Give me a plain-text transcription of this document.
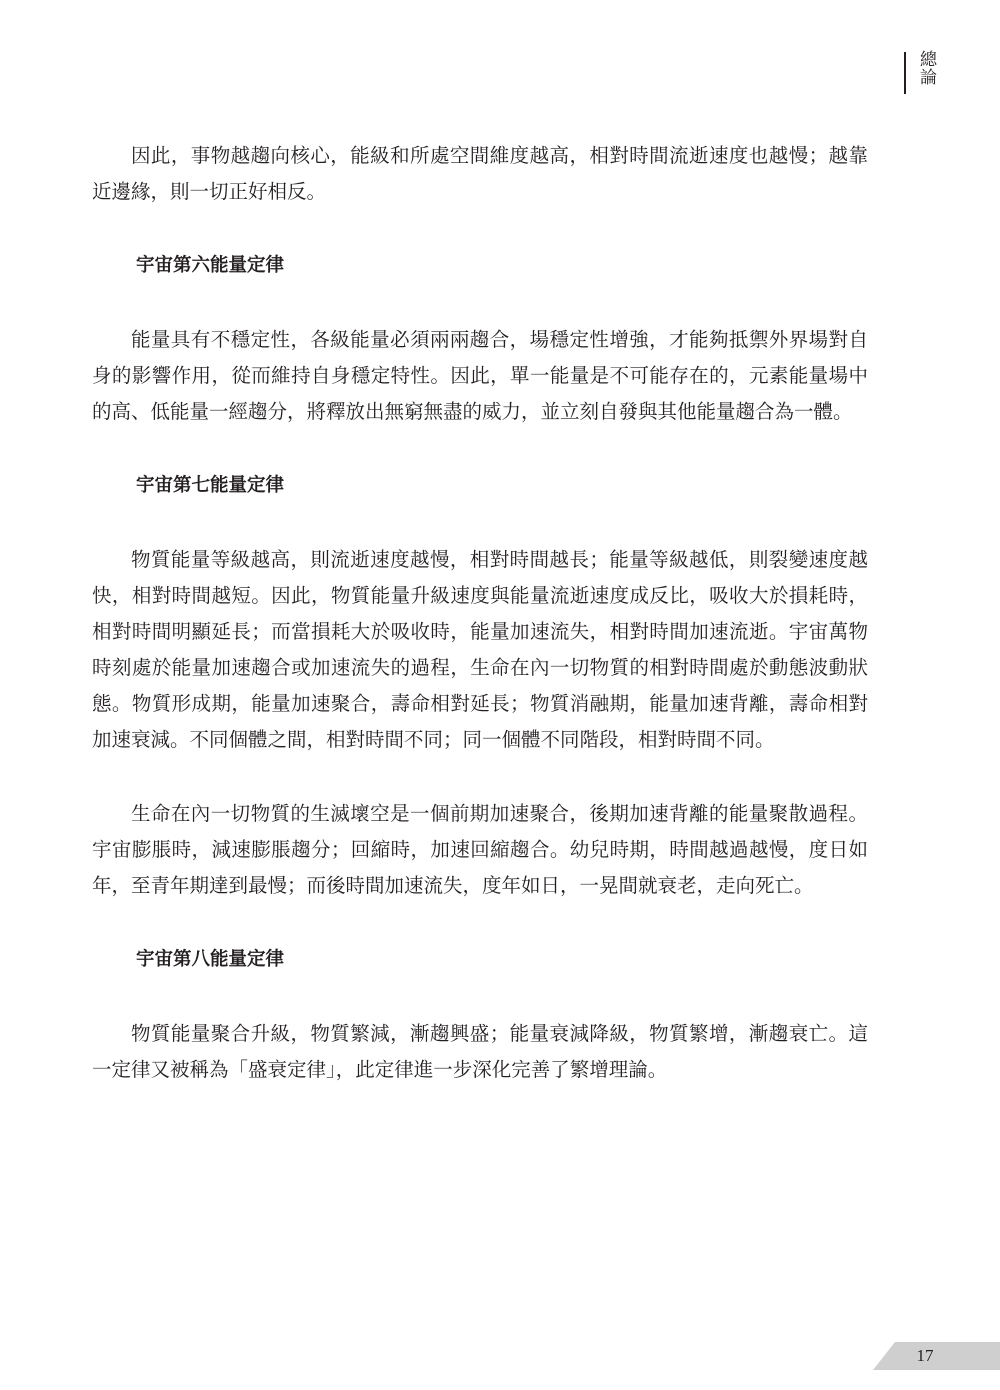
總論

因此，事物越趨向核心，能級和所處空間維度越高，相對時間流逝速度也越慢；越靠近邊緣，則一切正好相反。

宇宙第六能量定律

能量具有不穩定性，各級能量必須兩兩趨合，場穩定性增強，才能夠抵禦外界場對自身的影響作用，從而維持自身穩定特性。因此，單一能量是不可能存在的，元素能量場中的高、低能量一經趨分，將釋放出無窮無盡的威力，並立刻自發與其他能量趨合為一體。

宇宙第七能量定律

物質能量等級越高，則流逝速度越慢，相對時間越長；能量等級越低，則裂變速度越快，相對時間越短。因此，物質能量升級速度與能量流逝速度成反比，吸收大於損耗時，相對時間明顯延長；而當損耗大於吸收時，能量加速流失，相對時間加速流逝。宇宙萬物時刻處於能量加速趨合或加速流失的過程，生命在內一切物質的相對時間處於動態波動狀態。物質形成期，能量加速聚合，壽命相對延長；物質消融期，能量加速背離，壽命相對加速衰減。不同個體之間，相對時間不同；同一個體不同階段，相對時間不同。

生命在內一切物質的生滅壞空是一個前期加速聚合，後期加速背離的能量聚散過程。宇宙膨脹時，減速膨脹趨分；回縮時，加速回縮趨合。幼兒時期，時間越過越慢，度日如年，至青年期達到最慢；而後時間加速流失，度年如日，一晃間就衰老，走向死亡。

宇宙第八能量定律

物質能量聚合升級，物質繁減，漸趨興盛；能量衰減降級，物質繁增，漸趨衰亡。這一定律又被稱為「盛衰定律」，此定律進一步深化完善了繁增理論。

17
